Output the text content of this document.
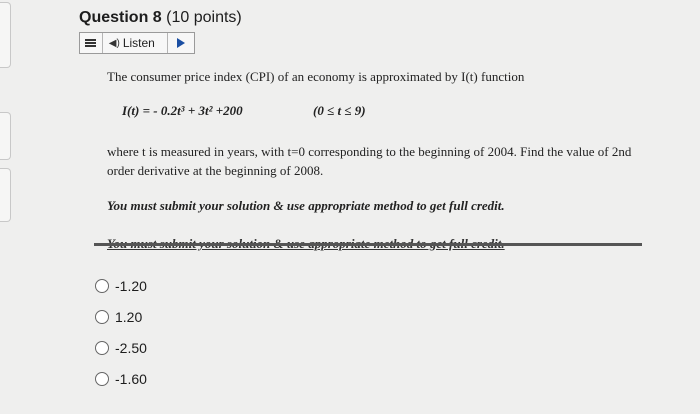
Question 8 (10 points)
◀) Listen
The consumer price index (CPI) of an economy is approximated by I(t) function
I(t) = - 0.2t³ + 3t² +200	(0 ≤ t ≤ 9)
where t is measured in years, with t=0 corresponding to the beginning of 2004. Find the value of 2nd order derivative at the beginning of 2008.
You must submit your solution & use appropriate method to get full credit.
-1.20
1.20
-2.50
-1.60
